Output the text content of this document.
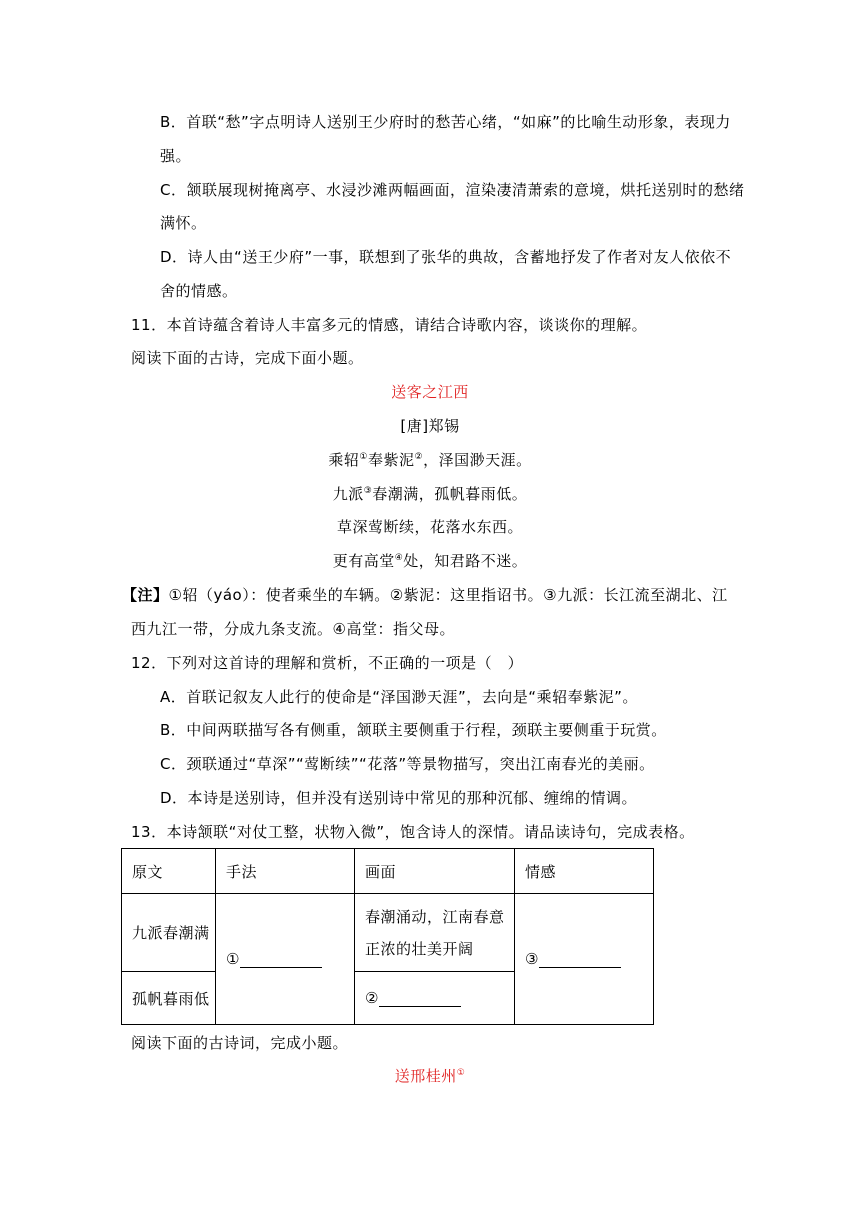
B．首联“愁”字点明诗人送别王少府时的愁苦心绪，“如麻”的比喻生动形象，表现力
强。
C．颔联展现树掩离亭、水浸沙滩两幅画面，渲染凄清萧索的意境，烘托送别时的愁绪
满怀。
D．诗人由“送王少府”一事，联想到了张华的典故，含蓄地抒发了作者对友人依依不
舍的情感。
11．本首诗蕴含着诗人丰富多元的情感，请结合诗歌内容，谈谈你的理解。
阅读下面的古诗，完成下面小题。
送客之江西
[唐]郑锡
乘轺①奉紫泥②，泽国渺天涯。
九派③春潮满，孤帆暮雨低。
草深莺断续，花落水东西。
更有高堂④处，知君路不迷。
【注】①轺（yáo）：使者乘坐的车辆。②紫泥：这里指诏书。③九派：长江流至湖北、江
西九江一带，分成九条支流。④高堂：指父母。
12．下列对这首诗的理解和赏析，不正确的一项是（　）
A．首联记叙友人此行的使命是“泽国渺天涯”，去向是“乘轺奉紫泥”。
B．中间两联描写各有侧重，颔联主要侧重于行程，颈联主要侧重于玩赏。
C．颈联通过“草深”“莺断续”“花落”等景物描写，突出江南春光的美丽。
D．本诗是送别诗，但并没有送别诗中常见的那种沉郁、缠绵的情调。
13．本诗颔联“对仗工整，状物入微”，饱含诗人的深情。请品读诗句，完成表格。
原文	手法	画面	情感
九派春潮满	①	春潮涌动，江南春意
正浓的壮美开阔	③
孤帆暮雨低		②	
阅读下面的古诗词，完成小题。
送邢桂州①
